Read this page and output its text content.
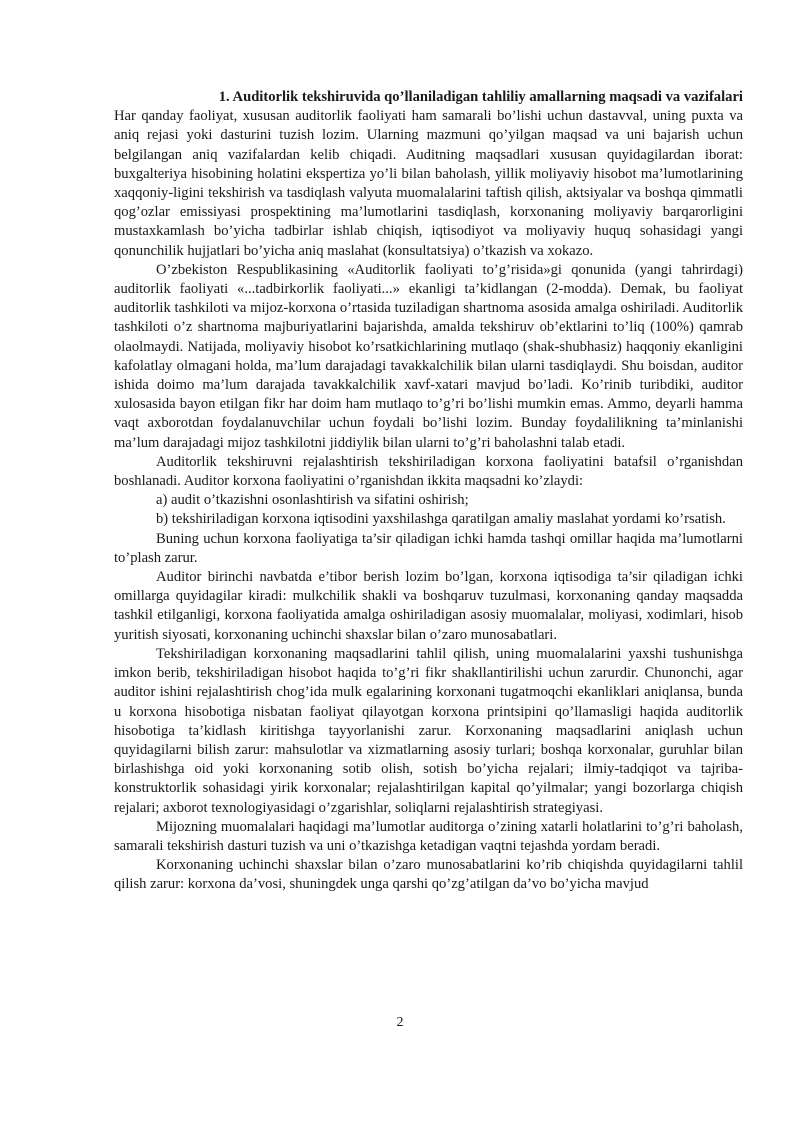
1. Auditorlik tekshiruvida qo’llaniladigan tahliliy amallarning maqsadi va vazifalari

Har qanday faoliyat, xususan auditorlik faoliyati ham samarali bo’lishi uchun dastavval, uning puxta va aniq rejasi yoki dasturini tuzish lozim. Ularning mazmuni qo’yilgan maqsad va uni bajarish uchun belgilangan aniq vazifalardan kelib chiqadi. Auditning maqsadlari xususan quyidagilardan iborat: buxgalteriya hisobining holatini ekspertiza yo’li bilan baholash, yillik moliyaviy hisobot ma’lumotlarining xaqqoniy-ligini tekshirish va tasdiqlash valyuta muomalalarini taftish qilish, aktsiyalar va boshqa qimmatli qog’ozlar emissiyasi prospektining ma’lumotlarini tasdiqlash, korxonaning moliyaviy barqarorligini mustaxkamlash bo’yicha tadbirlar ishlab chiqish, iqtisodiyot va moliyaviy huquq sohasidagi yangi qonunchilik hujjatlari bo’yicha aniq maslahat (konsultatsiya) o’tkazish va xokazo.

O’zbekiston Respublikasining «Auditorlik faoliyati to’g’risida»gi qonunida (yangi tahrirdagi) auditorlik faoliyati «...tadbirkorlik faoliyati...» ekanligi ta’kidlangan (2-modda). Demak, bu faoliyat auditorlik tashkiloti va mijoz-korxona o’rtasida tuziladigan shartnoma asosida amalga oshiriladi. Auditorlik tashkiloti o’z shartnoma majburiyatlarini bajarishda, amalda tekshiruv ob’ektlarini to’liq (100%) qamrab olaolmaydi. Natijada, moliyaviy hisobot ko’rsatkichlarining mutlaqo (shak-shubhasiz) haqqoniy ekanligini kafolatlay olmagani holda, ma’lum darajadagi tavakkalchilik bilan ularni tasdiqlaydi. Shu boisdan, auditor ishida doimo ma’lum darajada tavakkalchilik xavf-xatari mavjud bo’ladi. Ko’rinib turibdiki, auditor xulosasida bayon etilgan fikr har doim ham mutlaqo to’g’ri bo’lishi mumkin emas. Ammo, deyarli hamma vaqt axborotdan foydalanuvchilar uchun foydali bo’lishi lozim. Bunday foydalilikning ta’minlanishi ma’lum darajadagi mijoz tashkilotni jiddiylik bilan ularni to’g’ri baholashni talab etadi.

Auditorlik tekshiruvni rejalashtirish tekshiriladigan korxona faoliyatini batafsil o’rganishdan boshlanadi. Auditor korxona faoliyatini o’rganishdan ikkita maqsadni ko’zlaydi:

a) audit o’tkazishni osonlashtirish va sifatini oshirish;

b) tekshiriladigan korxona iqtisodini yaxshilashga qaratilgan amaliy maslahat yordami ko’rsatish.

Buning uchun korxona faoliyatiga ta’sir qiladigan ichki hamda tashqi omillar haqida ma’lumotlarni to’plash zarur.

Auditor birinchi navbatda e’tibor berish lozim bo’lgan, korxona iqtisodiga ta’sir qiladigan ichki omillarga quyidagilar kiradi: mulkchilik shakli va boshqaruv tuzulmasi, korxonaning qanday maqsadda tashkil etilganligi, korxona faoliyatida amalga oshiriladigan asosiy muomalalar, moliyasi, xodimlari, hisob yuritish siyosati, korxonaning uchinchi shaxslar bilan o’zaro munosabatlari.

Tekshiriladigan korxonaning maqsadlarini tahlil qilish, uning muomalalarini yaxshi tushunishga imkon berib, tekshiriladigan hisobot haqida to’g’ri fikr shakllantirilishi uchun zarurdir. Chunonchi, agar auditor ishini rejalashtirish chog’ida mulk egalarining korxonani tugatmoqchi ekanliklari aniqlansa, bunda u korxona hisobotiga nisbatan faoliyat qilayotgan korxona printsipini qo’llamasligi haqida auditorlik hisobotiga ta’kidlash kiritishga tayyorlanishi zarur. Korxonaning maqsadlarini aniqlash uchun quyidagilarni bilish zarur: mahsulotlar va xizmatlarning asosiy turlari; boshqa korxonalar, guruhlar bilan birlashishga oid yoki korxonaning sotib olish, sotish bo’yicha rejalari; ilmiy-tadqiqot va tajriba-konstruktorlik sohasidagi yirik korxonalar; rejalashtirilgan kapital qo’yilmalar; yangi bozorlarga chiqish rejalari; axborot texnologiyasidagi o’zgarishlar, soliqlarni rejalashtirish strategiyasi.

Mijozning muomalalari haqidagi ma’lumotlar auditorga o’zining xatarli holatlarini to’g’ri baholash, samarali tekshirish dasturi tuzish va uni o’tkazishga ketadigan vaqtni tejashda yordam beradi.

Korxonaning uchinchi shaxslar bilan o’zaro munosabatlarini ko’rib chiqishda quyidagilarni tahlil qilish zarur: korxona da’vosi, shuningdek unga qarshi qo’zg’atilgan da’vo bo’yicha mavjud

2
